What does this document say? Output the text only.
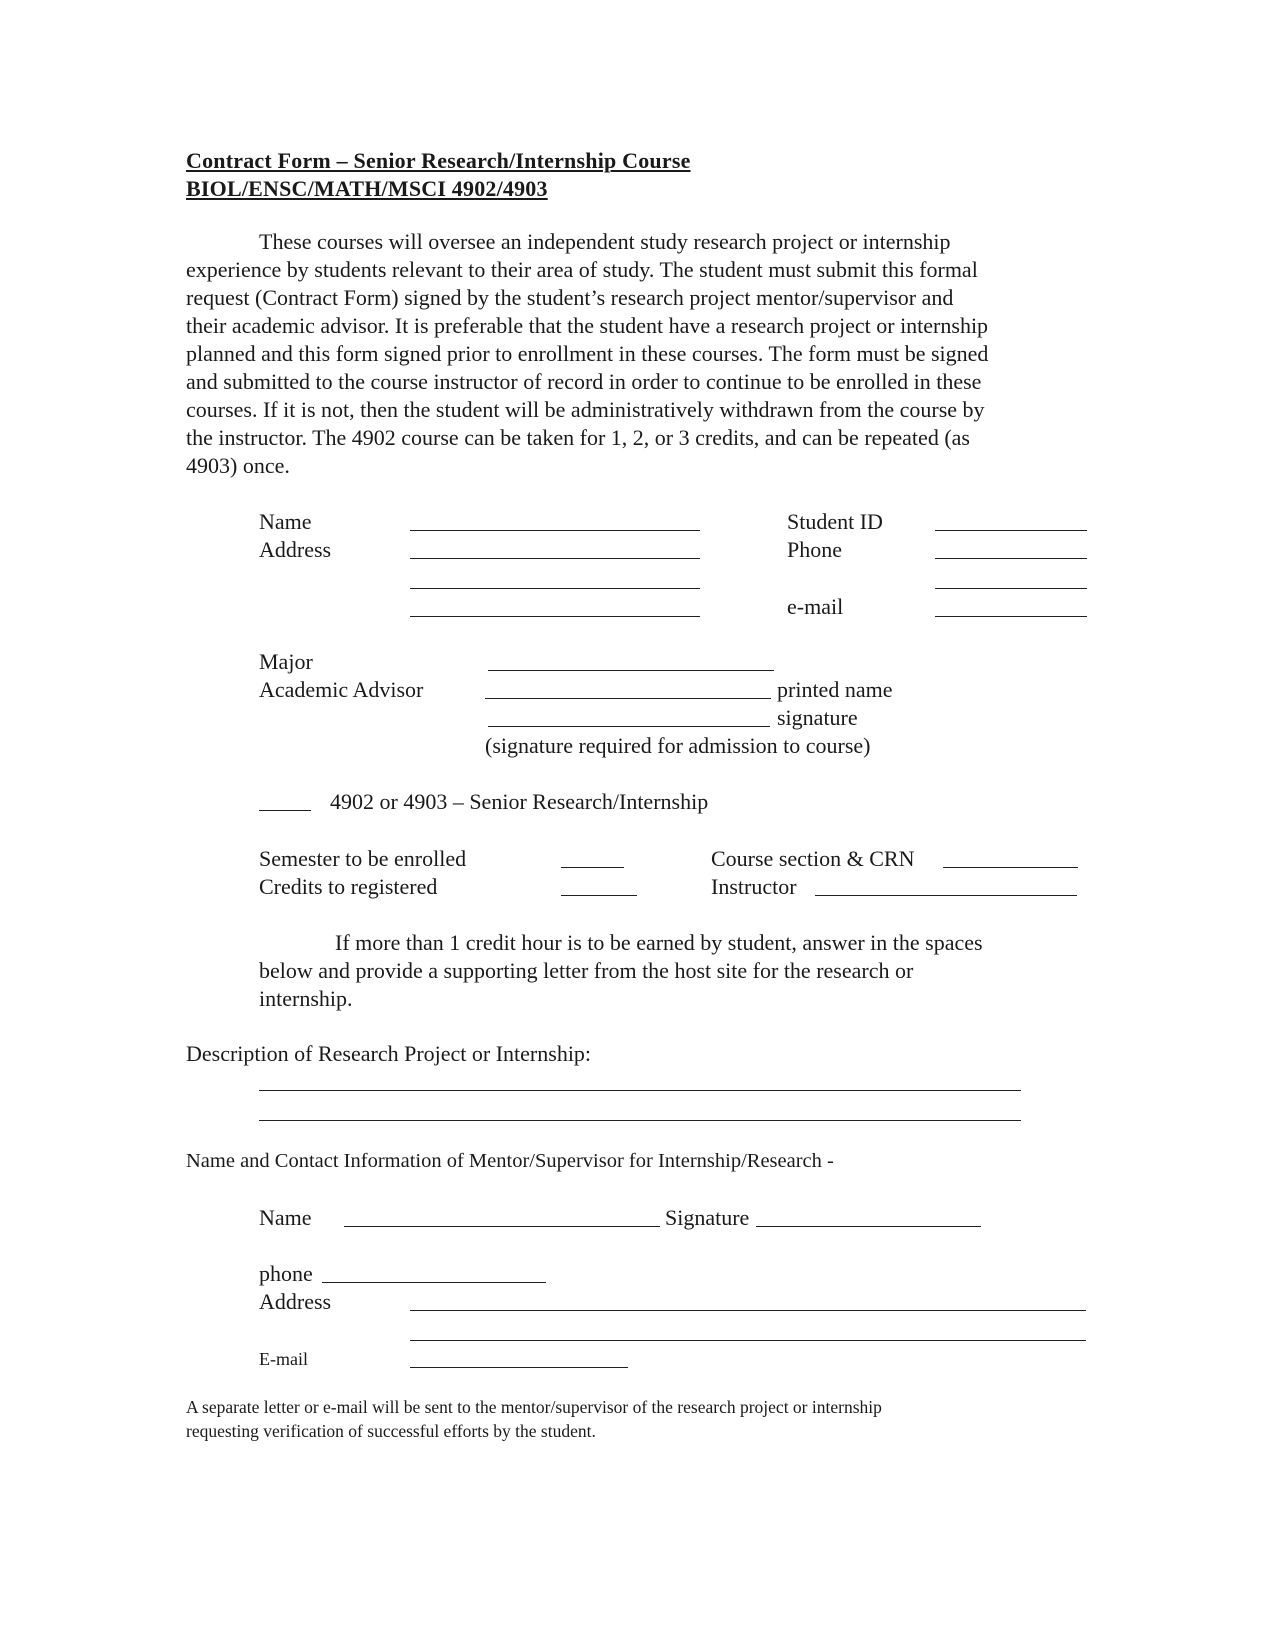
Contract Form – Senior Research/Internship Course
BIOL/ENSC/MATH/MSCI 4902/4903
These courses will oversee an independent study research project or internship
experience by students relevant to their area of study. The student must submit this formal
request (Contract Form) signed by the student’s research project mentor/supervisor and
their academic advisor. It is preferable that the student have a research project or internship
planned and this form signed prior to enrollment in these courses. The form must be signed
and submitted to the course instructor of record in order to continue to be enrolled in these
courses. If it is not, then the student will be administratively withdrawn from the course by
the instructor. The 4902 course can be taken for 1, 2, or 3 credits, and can be repeated (as
4903) once.
Name
Address
Student ID
Phone
e-mail
Major
Academic Advisor	printed name
signature
(signature required for admission to course)
4902 or 4903 – Senior Research/Internship
Semester to be enrolled
Credits to registered
Course section & CRN
Instructor
If more than 1 credit hour is to be earned by student, answer in the spaces
below and provide a supporting letter from the host site for the research or
internship.
Description of Research Project or Internship:
Name and Contact Information of Mentor/Supervisor for Internship/Research -
Name	Signature
phone
Address
E-mail
A separate letter or e-mail will be sent to the mentor/supervisor of the research project or internship
requesting verification of successful efforts by the student.
